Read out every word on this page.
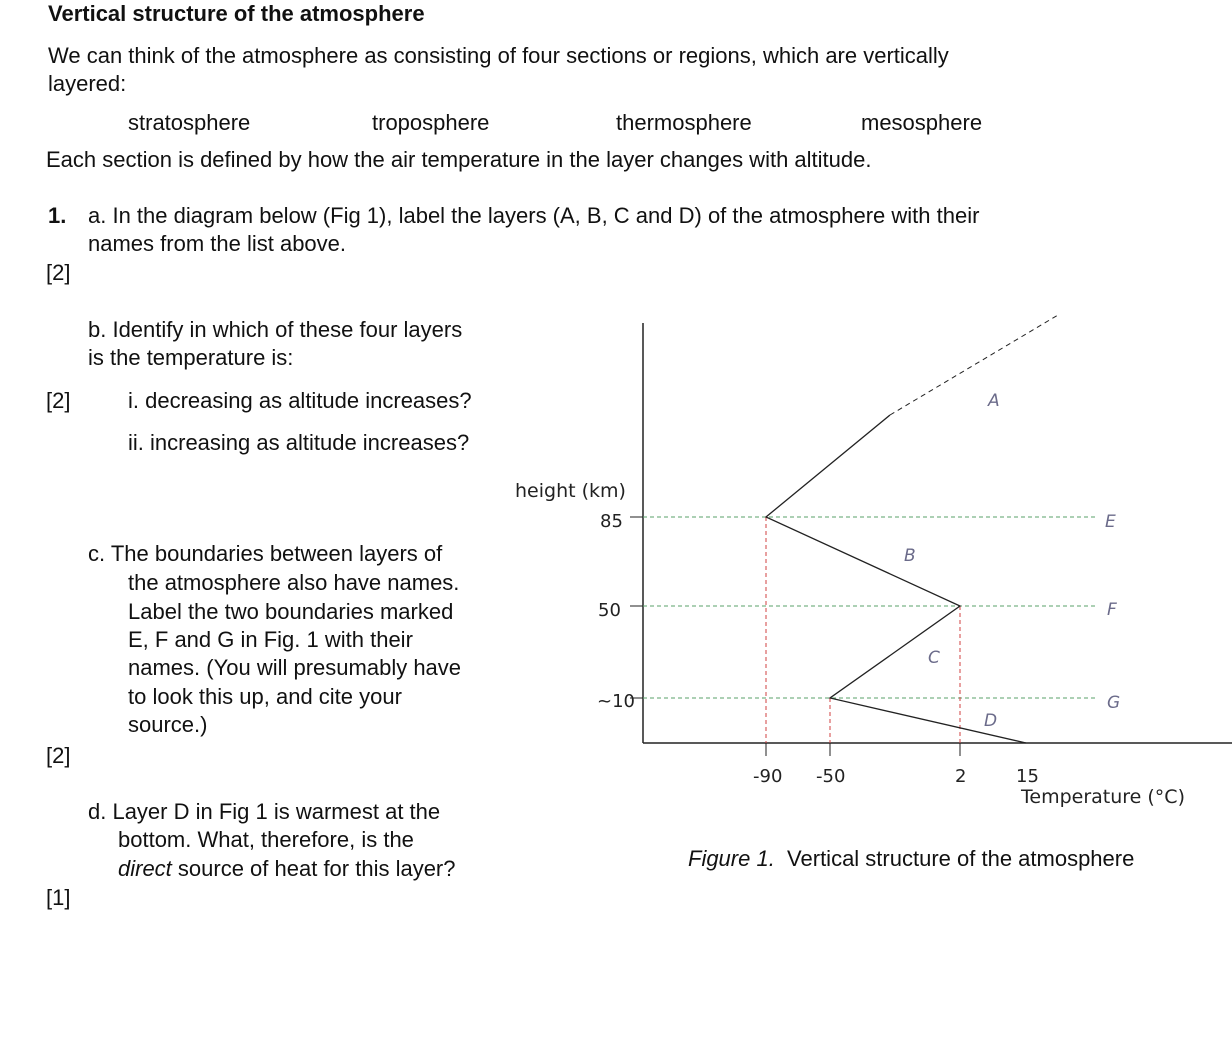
Vertical structure of the atmosphere
We can think of the atmosphere as consisting of four sections or regions, which are vertically
layered:
stratosphere	troposphere	thermosphere	mesosphere
Each section is defined by how the air temperature in the layer changes with altitude.
1. a. In the diagram below (Fig 1), label the layers (A, B, C and D) of the atmosphere with their
names from the list above.
[2]
b. Identify in which of these four layers
is the temperature is:
[2]	i. decreasing as altitude increases?
ii. increasing as altitude increases?
c. The boundaries between layers of
the atmosphere also have names.
Label the two boundaries marked
E, F and G in Fig. 1 with their
names. (You will presumably have
to look this up, and cite your
source.)
[2]
d. Layer D in Fig 1 is warmest at the
bottom. What, therefore, is the
direct source of heat for this layer?
[1]
height (km)
85
50
~10
-90 -50	2	15
Temperature (°C)
A
B
C
D
E
F
G
Figure 1.  Vertical structure of the atmosphere
